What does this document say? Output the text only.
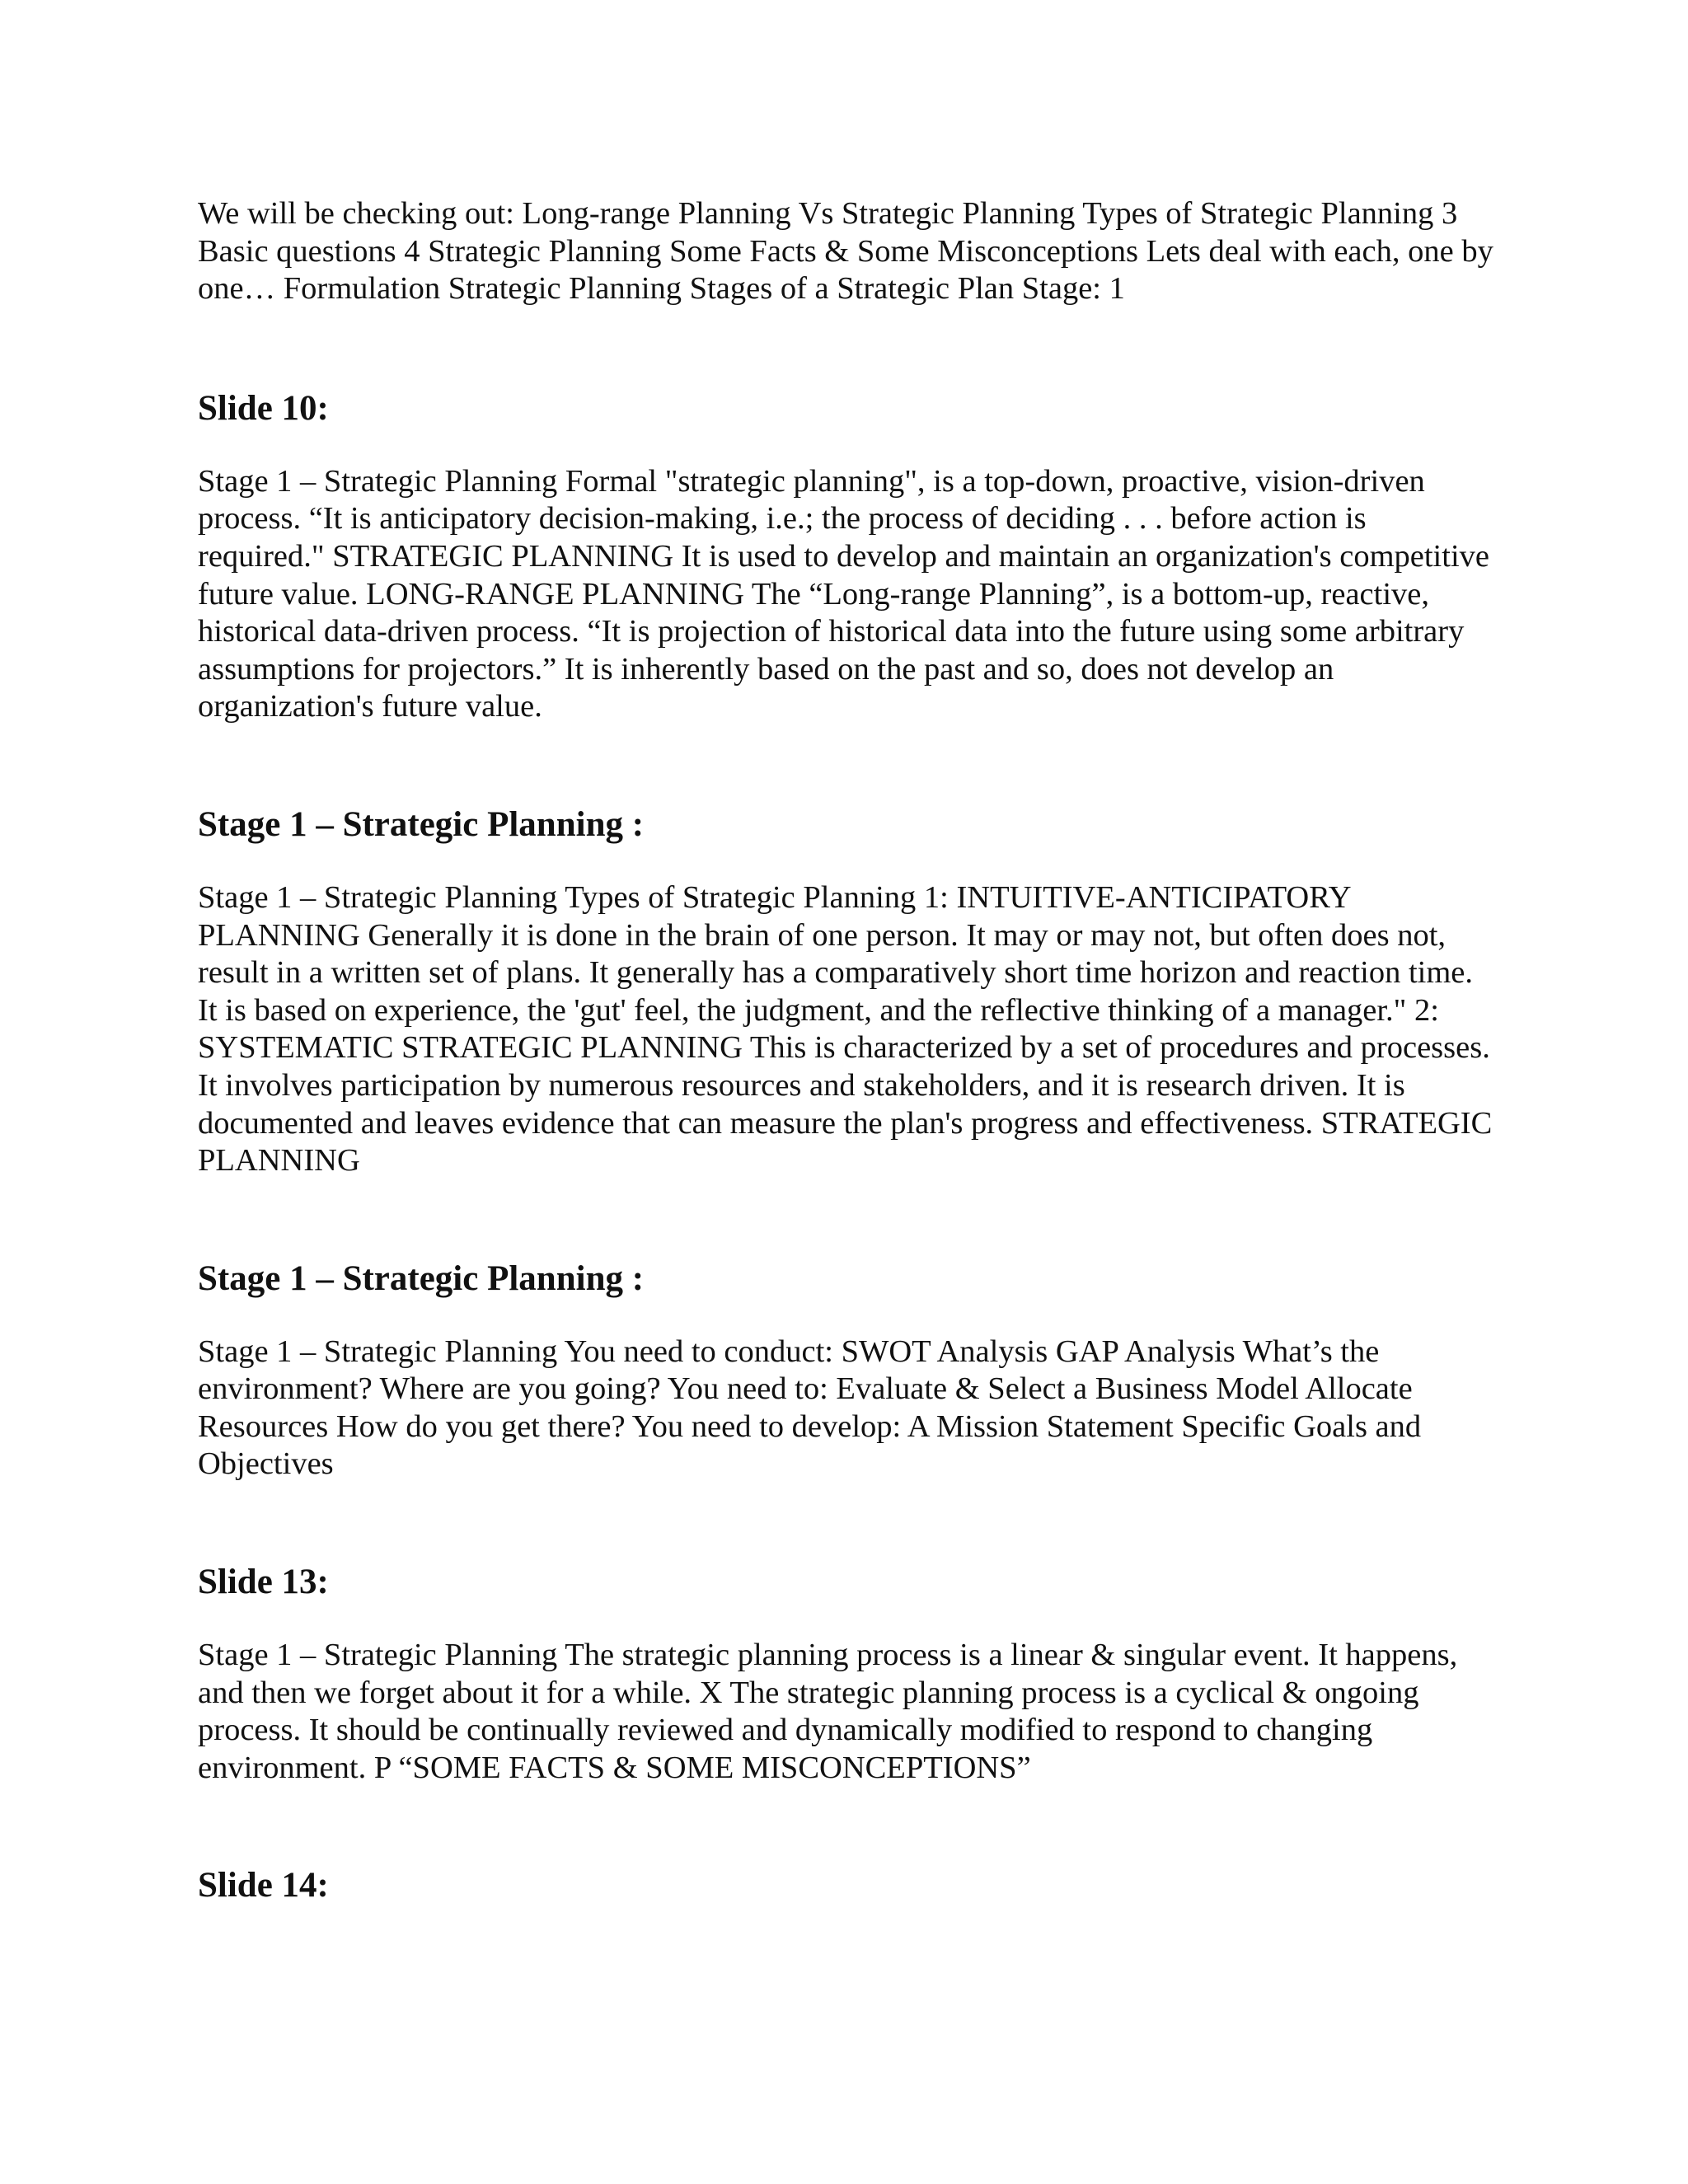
We will be checking out: Long-range Planning Vs Strategic Planning Types of Strategic Planning 3 Basic questions 4 Strategic Planning Some Facts & Some Misconceptions Lets deal with each, one by one… Formulation Strategic Planning Stages of a Strategic Plan Stage: 1

Slide 10:

Stage 1 – Strategic Planning Formal "strategic planning", is a top-down, proactive, vision-driven process. “It is anticipatory decision-making, i.e.; the process of deciding . . . before action is required." STRATEGIC PLANNING It is used to develop and maintain an organization's competitive future value. LONG-RANGE PLANNING The “Long-range Planning”, is a bottom-up, reactive, historical data-driven process. “It is projection of historical data into the future using some arbitrary assumptions for projectors.” It is inherently based on the past and so, does not develop an organization's future value.

Stage 1 – Strategic Planning :

Stage 1 – Strategic Planning Types of Strategic Planning 1: INTUITIVE-ANTICIPATORY PLANNING Generally it is done in the brain of one person. It may or may not, but often does not, result in a written set of plans. It generally has a comparatively short time horizon and reaction time. It is based on experience, the 'gut' feel, the judgment, and the reflective thinking of a manager." 2: SYSTEMATIC STRATEGIC PLANNING This is characterized by a set of procedures and processes. It involves participation by numerous resources and stakeholders, and it is research driven. It is documented and leaves evidence that can measure the plan's progress and effectiveness. STRATEGIC PLANNING

Stage 1 – Strategic Planning :

Stage 1 – Strategic Planning You need to conduct: SWOT Analysis GAP Analysis What’s the environment? Where are you going? You need to: Evaluate & Select a Business Model Allocate Resources How do you get there? You need to develop: A Mission Statement Specific Goals and Objectives

Slide 13:

Stage 1 – Strategic Planning The strategic planning process is a linear & singular event. It happens, and then we forget about it for a while. X The strategic planning process is a cyclical & ongoing process. It should be continually reviewed and dynamically modified to respond to changing environment. P “SOME FACTS & SOME MISCONCEPTIONS”

Slide 14:
